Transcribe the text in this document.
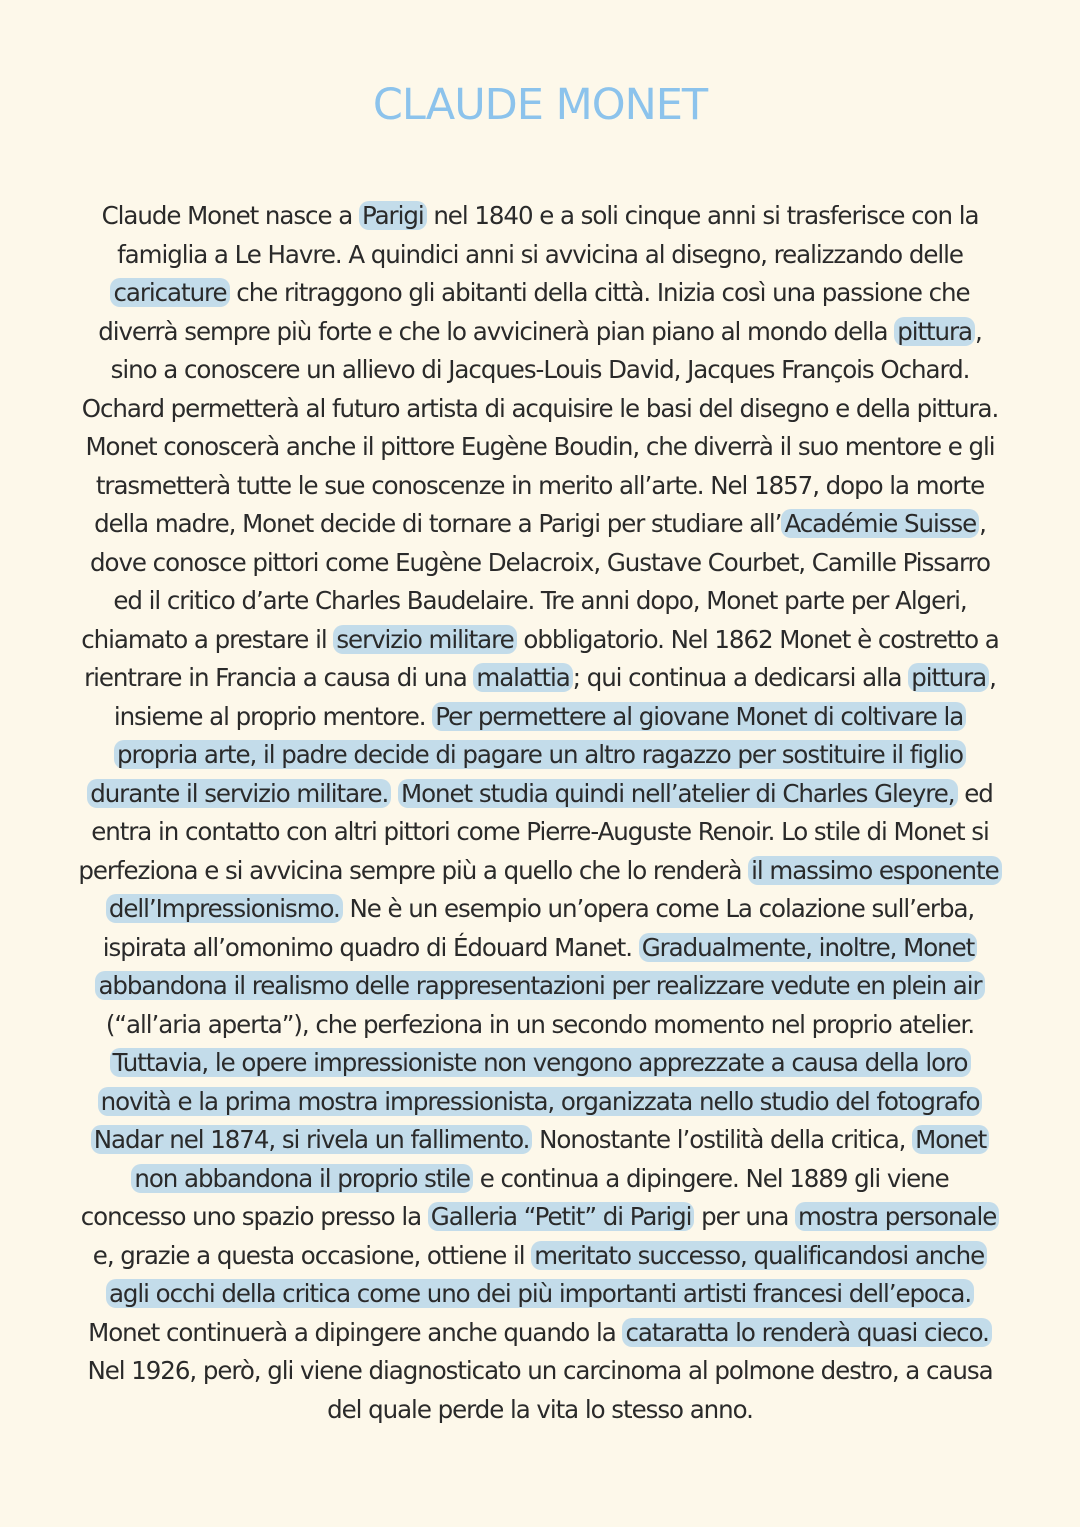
CLAUDE MONET

Claude Monet nasce a Parigi nel 1840 e a soli cinque anni si trasferisce con la famiglia a Le Havre. A quindici anni si avvicina al disegno, realizzando delle caricature che ritraggono gli abitanti della città. Inizia così una passione che diverrà sempre più forte e che lo avvicinerà pian piano al mondo della pittura , sino a conoscere un allievo di Jacques-Louis David, Jacques François Ochard. Ochard permetterà al futuro artista di acquisire le basi del disegno e della pittura. Monet conoscerà anche il pittore Eugène Boudin, che diverrà il suo mentore e gli trasmetterà tutte le sue conoscenze in merito all’arte. Nel 1857, dopo la morte della madre, Monet decide di tornare a Parigi per studiare all’ Académie Suisse , dove conosce pittori come Eugène Delacroix, Gustave Courbet, Camille Pissarro ed il critico d’arte Charles Baudelaire. Tre anni dopo, Monet parte per Algeri, chiamato a prestare il servizio militare obbligatorio. Nel 1862 Monet è costretto a rientrare in Francia a causa di una malattia ; qui continua a dedicarsi alla pittura , insieme al proprio mentore. Per permettere al giovane Monet di coltivare la propria arte, il padre decide di pagare un altro ragazzo per sostituire il figlio durante il servizio militare. Monet studia quindi nell’atelier di Charles Gleyre, ed entra in contatto con altri pittori come Pierre-Auguste Renoir. Lo stile di Monet si perfeziona e si avvicina sempre più a quello che lo renderà il massimo esponente dell’Impressionismo. Ne è un esempio un’opera come La colazione sull’erba, ispirata all’omonimo quadro di Édouard Manet. Gradualmente, inoltre, Monet abbandona il realismo delle rappresentazioni per realizzare vedute en plein air (“all’aria aperta”), che perfeziona in un secondo momento nel proprio atelier. Tuttavia, le opere impressioniste non vengono apprezzate a causa della loro novità e la prima mostra impressionista, organizzata nello studio del fotografo Nadar nel 1874, si rivela un fallimento. Nonostante l’ostilità della critica, Monet non abbandona il proprio stile e continua a dipingere. Nel 1889 gli viene concesso uno spazio presso la Galleria “Petit” di Parigi per una mostra personale e, grazie a questa occasione, ottiene il meritato successo, qualificandosi anche agli occhi della critica come uno dei più importanti artisti francesi dell’epoca. Monet continuerà a dipingere anche quando la cataratta lo renderà quasi cieco. Nel 1926, però, gli viene diagnosticato un carcinoma al polmone destro, a causa del quale perde la vita lo stesso anno.
